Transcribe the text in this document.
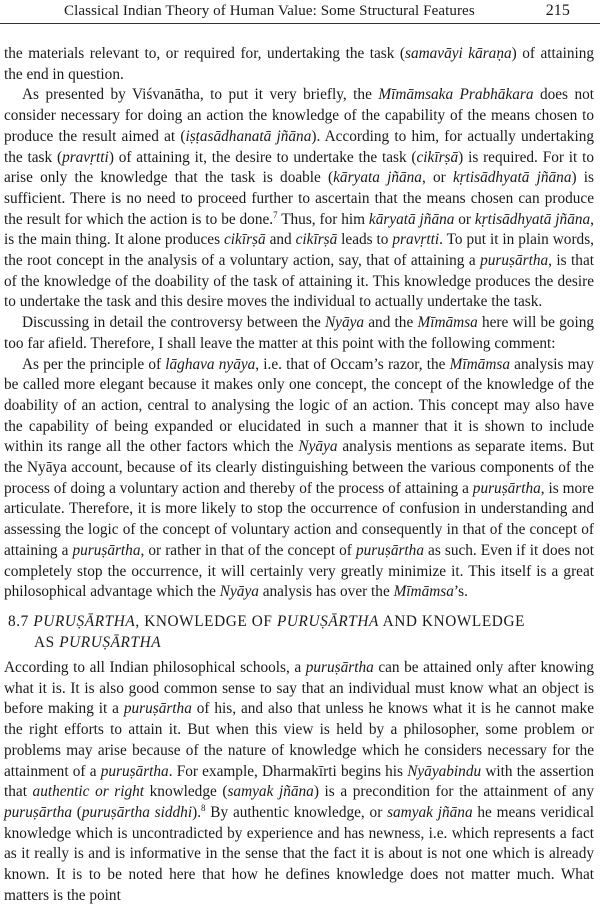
Classical Indian Theory of Human Value: Some Structural Features	215

the materials relevant to, or required for, undertaking the task (samavāyi kāraṇa) of attaining the end in question.

As presented by Viśvanātha, to put it very briefly, the Mīmāmsaka Prabhākara does not consider necessary for doing an action the knowledge of the capability of the means chosen to produce the result aimed at (iṣṭasādhanatā jñāna). According to him, for actually undertaking the task (pravṛtti) of attaining it, the desire to undertake the task (cikīrṣā) is required. For it to arise only the knowledge that the task is doable (kāryata jñāna, or kṛtisādhyatā jñāna) is sufficient. There is no need to proceed further to ascertain that the means chosen can produce the result for which the action is to be done.$^7$ Thus, for him kāryatā jñāna or kṛtisādhyatā jñāna, is the main thing. It alone produces cikīrṣā and cikīrṣā leads to pravṛtti. To put it in plain words, the root concept in the analysis of a voluntary action, say, that of attaining a puruṣārtha, is that of the knowledge of the doability of the task of attaining it. This knowledge produces the desire to undertake the task and this desire moves the individual to actually undertake the task.

Discussing in detail the controversy between the Nyāya and the Mīmāmsa here will be going too far afield. Therefore, I shall leave the matter at this point with the following comment:

As per the principle of lāghava nyāya, i.e. that of Occam’s razor, the Mīmāmsa analysis may be called more elegant because it makes only one concept, the concept of the knowledge of the doability of an action, central to analysing the logic of an action. This concept may also have the capability of being expanded or elucidated in such a manner that it is shown to include within its range all the other factors which the Nyāya analysis mentions as separate items. But the Nyāya account, because of its clearly distinguishing between the various components of the process of doing a voluntary action and thereby of the process of attaining a puruṣārtha, is more articulate. Therefore, it is more likely to stop the occurrence of confusion in understanding and assessing the logic of the concept of voluntary action and consequently in that of the concept of attaining a puruṣārtha, or rather in that of the concept of puruṣārtha as such. Even if it does not completely stop the occurrence, it will certainly very greatly minimize it. This itself is a great philosophical advantage which the Nyāya analysis has over the Mīmāmsa’s.

8.7 PURUṢĀRTHA, KNOWLEDGE OF PURUṢĀRTHA AND KNOWLEDGE
AS PURUṢĀRTHA

According to all Indian philosophical schools, a puruṣārtha can be attained only after knowing what it is. It is also good common sense to say that an individual must know what an object is before making it a puruṣārtha of his, and also that unless he knows what it is he cannot make the right efforts to attain it. But when this view is held by a philosopher, some problem or problems may arise because of the nature of knowledge which he considers necessary for the attainment of a puruṣārtha. For example, Dharmakīrti begins his Nyāyabindu with the assertion that authentic or right knowledge (samyak jñāna) is a precondition for the attainment of any puruṣārtha (puruṣārtha siddhi).$^8$ By authentic knowledge, or samyak jñāna he means veridical knowledge which is uncontradicted by experience and has newness, i.e. which represents a fact as it really is and is informative in the sense that the fact it is about is not one which is already known. It is to be noted here that how he defines knowledge does not matter much. What matters is the point
